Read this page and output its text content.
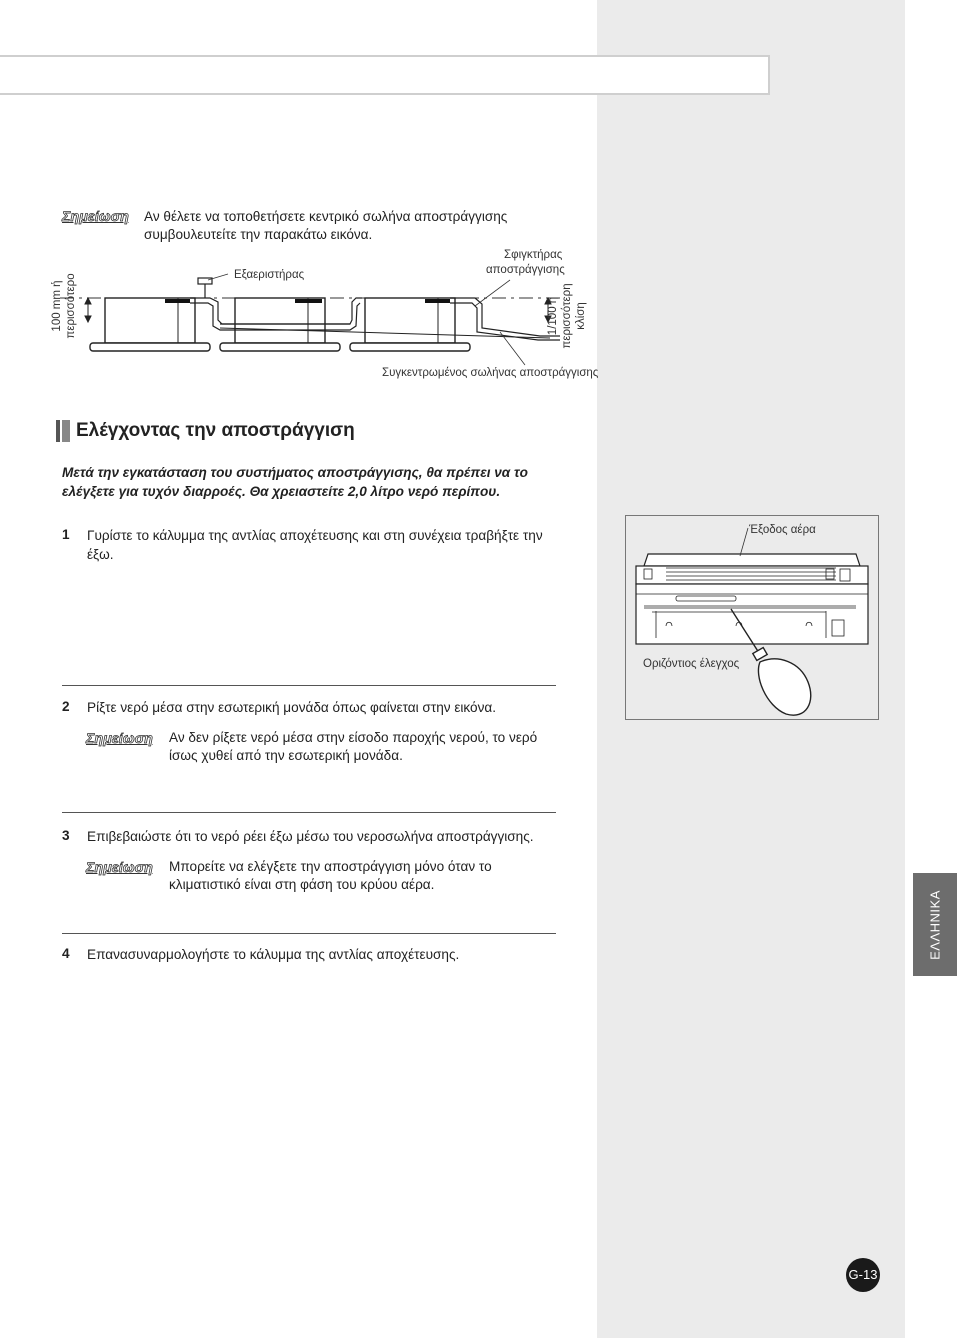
Σημείωση Αν θέλετε να τοποθετήσετε κεντρικό σωλήνα αποστράγγισης
συμβουλευτείτε την παρακάτω εικόνα.
Εξαεριστήρας
Σφιγκτήρας
αποστράγγισης
100 mm ή περισσότερο	1/100 ή περισσότερη κλίση
Συγκεντρωμένος σωλήνας αποστράγγισης
Ελέγχοντας την αποστράγγιση
Μετά την εγκατάσταση του συστήματος αποστράγγισης, θα πρέπει να το
ελέγξετε για τυχόν διαρροές. Θα χρειαστείτε 2,0 λίτρο νερό περίπου.
1 Γυρίστε το κάλυμμα της αντλίας αποχέτευσης και στη συνέχεια τραβήξτε την
έξω.
Έξοδος αέρα
Οριζόντιος έλεγχος
2 Ρίξτε νερό μέσα στην εσωτερική μονάδα όπως φαίνεται στην εικόνα.
Σημείωση Αν δεν ρίξετε νερό μέσα στην είσοδο παροχής νερού, το νερό
ίσως χυθεί από την εσωτερική μονάδα.
3 Επιβεβαιώστε ότι το νερό ρέει έξω μέσω του νεροσωλήνα αποστράγγισης.
Σημείωση Μπορείτε να ελέγξετε την αποστράγγιση μόνο όταν το
κλιματιστικό είναι στη φάση του κρύου αέρα.
4 Επανασυναρμολογήστε το κάλυμμα της αντλίας αποχέτευσης.	ΕΛΛΗΝΙΚΑ
G-13
